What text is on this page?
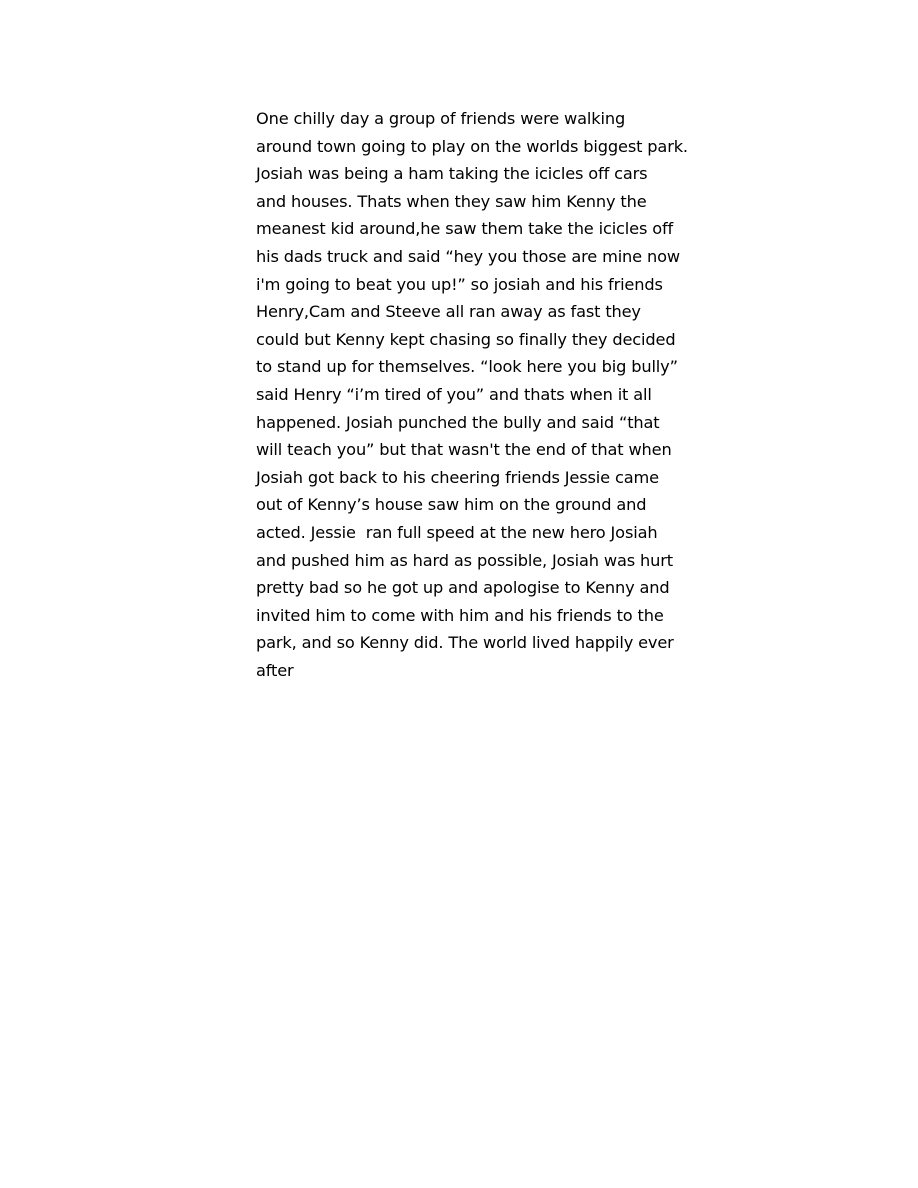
One chilly day a group of friends were walking
around town going to play on the worlds biggest park.
Josiah was being a ham taking the icicles off cars
and houses. Thats when they saw him Kenny the
meanest kid around,he saw them take the icicles off
his dads truck and said “hey you those are mine now
i'm going to beat you up!” so josiah and his friends
Henry,Cam and Steeve all ran away as fast they
could but Kenny kept chasing so finally they decided
to stand up for themselves. “look here you big bully”
said Henry “i’m tired of you” and thats when it all
happened. Josiah punched the bully and said “that
will teach you” but that wasn't the end of that when
Josiah got back to his cheering friends Jessie came
out of Kenny’s house saw him on the ground and
acted. Jessie  ran full speed at the new hero Josiah
and pushed him as hard as possible, Josiah was hurt
pretty bad so he got up and apologise to Kenny and
invited him to come with him and his friends to the
park, and so Kenny did. The world lived happily ever
after
